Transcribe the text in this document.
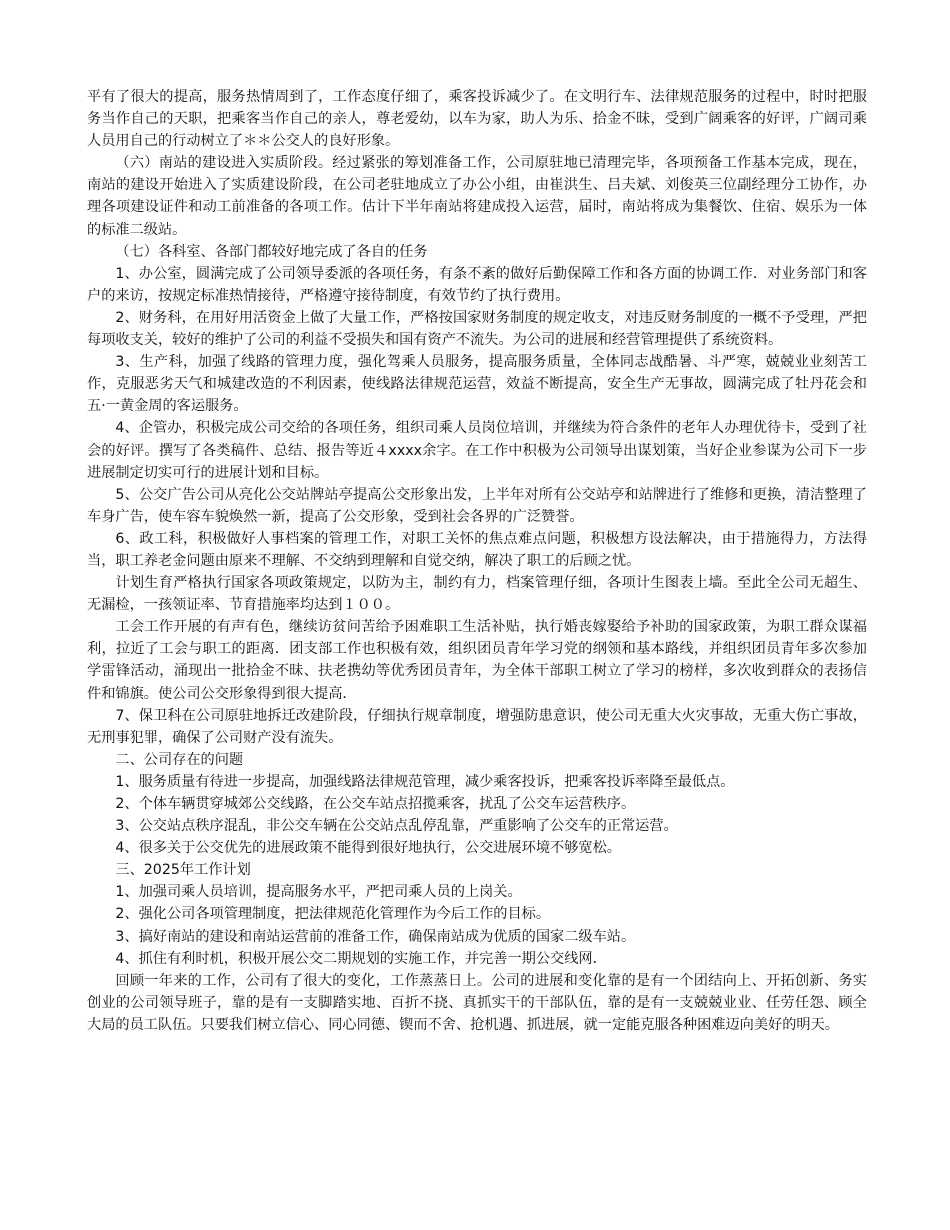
平有了很大的提高，服务热情周到了，工作态度仔细了，乘客投诉减少了。在文明行车、法律规范服务的过程中，时时把服务当作自己的天职，把乘客当作自己的亲人，尊老爱幼，以车为家，助人为乐、拾金不昧，受到广阔乘客的好评，广阔司乘人员用自己的行动树立了＊＊公交人的良好形象。

（六）南站的建设进入实质阶段。经过紧张的筹划准备工作，公司原驻地已清理完毕，各项预备工作基本完成，现在，南站的建设开始进入了实质建设阶段，在公司老驻地成立了办公小组，由崔洪生、吕夫斌、刘俊英三位副经理分工协作，办理各项建设证件和动工前准备的各项工作。估计下半年南站将建成投入运营，届时，南站将成为集餐饮、住宿、娱乐为一体的标准二级站。

（七）各科室、各部门都较好地完成了各自的任务

1、办公室，圆满完成了公司领导委派的各项任务，有条不紊的做好后勤保障工作和各方面的协调工作．对业务部门和客户的来访，按规定标准热情接待，严格遵守接待制度，有效节约了执行费用。

2、财务科，在用好用活资金上做了大量工作，严格按国家财务制度的规定收支，对违反财务制度的一概不予受理，严把每项收支关，较好的维护了公司的利益不受损失和国有资产不流失。为公司的进展和经营管理提供了系统资料。

3、生产科，加强了线路的管理力度，强化驾乘人员服务，提高服务质量，全体同志战酷暑、斗严寒，兢兢业业刻苦工作，克服恶劣天气和城建改造的不利因素，使线路法律规范运营，效益不断提高，安全生产无事故，圆满完成了牡丹花会和五·一黄金周的客运服务。

4、企管办，积极完成公司交给的各项任务，组织司乘人员岗位培训，并继续为符合条件的老年人办理优待卡，受到了社会的好评。撰写了各类稿件、总结、报告等近４xxxx余字。在工作中积极为公司领导出谋划策，当好企业参谋为公司下一步进展制定切实可行的进展计划和目标。

5、公交广告公司从亮化公交站牌站亭提高公交形象出发，上半年对所有公交站亭和站牌进行了维修和更换，清洁整理了车身广告，使车容车貌焕然一新，提高了公交形象，受到社会各界的广泛赞誉。

6、政工科，积极做好人事档案的管理工作，对职工关怀的焦点难点问题，积极想方设法解决，由于措施得力，方法得当，职工养老金问题由原来不理解、不交纳到理解和自觉交纳，解决了职工的后顾之忧。

计划生育严格执行国家各项政策规定，以防为主，制约有力，档案管理仔细，各项计生图表上墙。至此全公司无超生、无漏检，一孩领证率、节育措施率均达到１００。

工会工作开展的有声有色，继续访贫问苦给予困难职工生活补贴，执行婚丧嫁娶给予补助的国家政策，为职工群众谋福利，拉近了工会与职工的距离．团支部工作也积极有效，组织团员青年学习党的纲领和基本路线，并组织团员青年多次参加学雷锋活动，涌现出一批拾金不昧、扶老携幼等优秀团员青年，为全体干部职工树立了学习的榜样，多次收到群众的表扬信件和锦旗。使公司公交形象得到很大提高．

7、保卫科在公司原驻地拆迁改建阶段，仔细执行规章制度，增强防患意识，使公司无重大火灾事故，无重大伤亡事故，无刑事犯罪，确保了公司财产没有流失。

二、公司存在的问题

1、服务质量有待进一步提高，加强线路法律规范管理，减少乘客投诉，把乘客投诉率降至最低点。

2、个体车辆贯穿城郊公交线路，在公交车站点招揽乘客，扰乱了公交车运营秩序。

3、公交站点秩序混乱，非公交车辆在公交站点乱停乱靠，严重影响了公交车的正常运营。

4、很多关于公交优先的进展政策不能得到很好地执行，公交进展环境不够宽松。

三、2025年工作计划

1、加强司乘人员培训，提高服务水平，严把司乘人员的上岗关。

2、强化公司各项管理制度，把法律规范化管理作为今后工作的目标。

3、搞好南站的建设和南站运营前的准备工作，确保南站成为优质的国家二级车站。

4、抓住有利时机，积极开展公交二期规划的实施工作，并完善一期公交线网．

回顾一年来的工作，公司有了很大的变化，工作蒸蒸日上。公司的进展和变化靠的是有一个团结向上、开拓创新、务实创业的公司领导班子，靠的是有一支脚踏实地、百折不挠、真抓实干的干部队伍，靠的是有一支兢兢业业、任劳任怨、顾全大局的员工队伍。只要我们树立信心、同心同德、锲而不舍、抢机遇、抓进展，就一定能克服各种困难迈向美好的明天。
